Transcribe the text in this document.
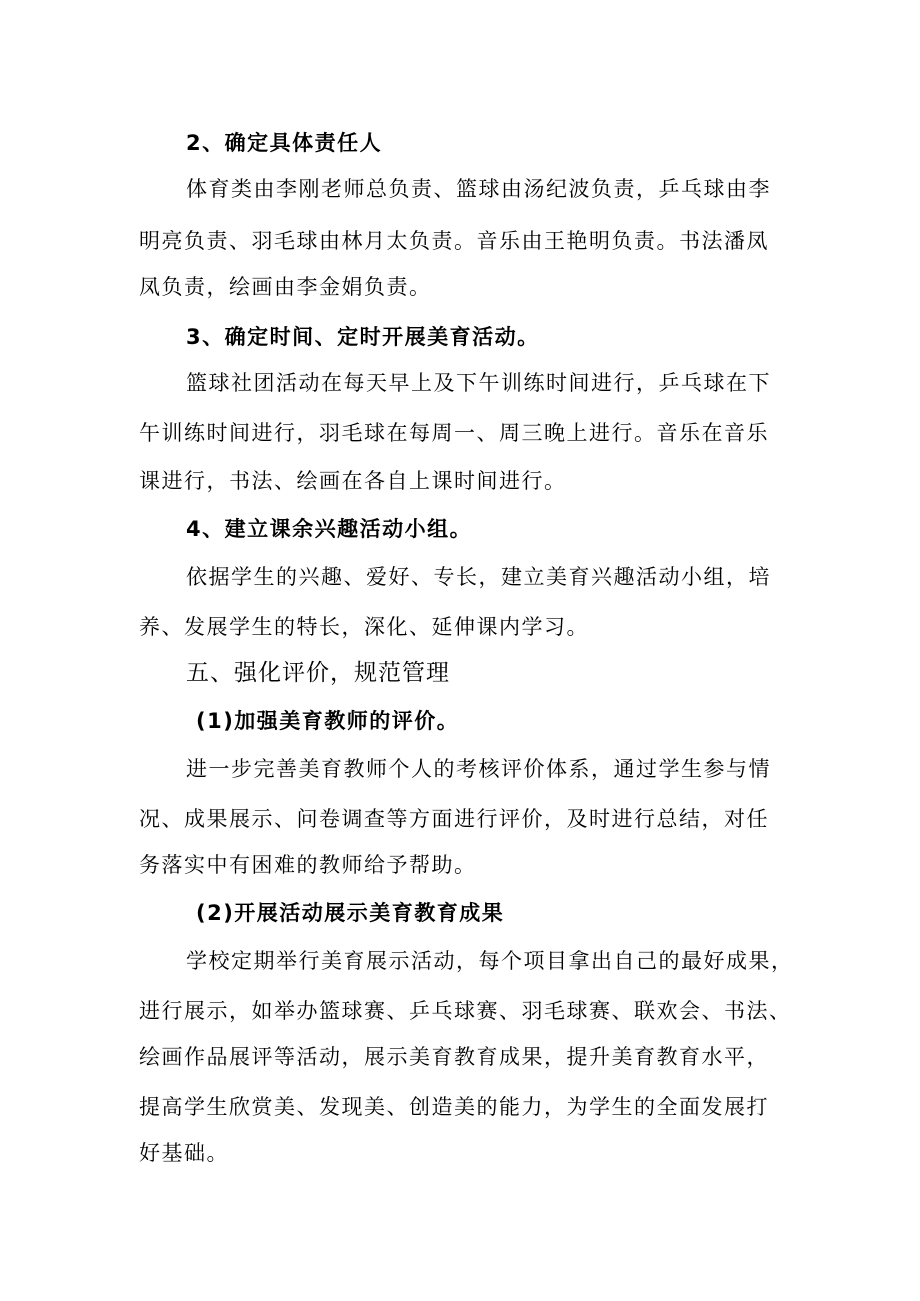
2、确定具体责任人
体育类由李刚老师总负责、篮球由汤纪波负责，乒乓球由李
明亮负责、羽毛球由林月太负责。音乐由王艳明负责。书法潘凤
凤负责，绘画由李金娟负责。
3、确定时间、定时开展美育活动。
篮球社团活动在每天早上及下午训练时间进行，乒乓球在下
午训练时间进行，羽毛球在每周一、周三晚上进行。音乐在音乐
课进行，书法、绘画在各自上课时间进行。
4、建立课余兴趣活动小组。
依据学生的兴趣、爱好、专长，建立美育兴趣活动小组，培
养、发展学生的特长，深化、延伸课内学习。
五、强化评价，规范管理
(1)加强美育教师的评价。
进一步完善美育教师个人的考核评价体系，通过学生参与情
况、成果展示、问卷调查等方面进行评价，及时进行总结，对任
务落实中有困难的教师给予帮助。
(2)开展活动展示美育教育成果
学校定期举行美育展示活动，每个项目拿出自己的最好成果，
进行展示，如举办篮球赛、乒乓球赛、羽毛球赛、联欢会、书法、
绘画作品展评等活动，展示美育教育成果，提升美育教育水平，
提高学生欣赏美、发现美、创造美的能力，为学生的全面发展打
好基础。
